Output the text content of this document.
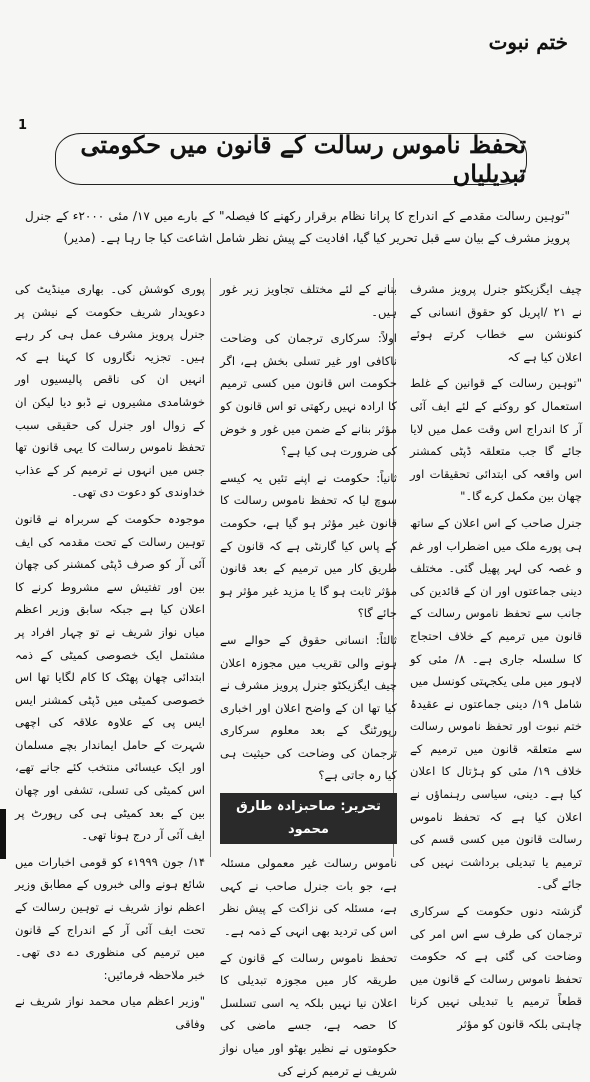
ختم نبوت
1
تحفظ ناموس رسالت کے قانون میں حکومتی تبدیلیاں
"توہین رسالت مقدمے کے اندراج کا پرانا نظام برقرار رکھنے کا فیصلہ" کے بارے میں ۱۷/ مئی ۲۰۰۰ء کے جنرل پرویز مشرف کے بیان سے قبل تحریر کیا گیا، افادیت کے پیش نظر شامل اشاعت کیا جا رہا ہے۔ (مدیر)

چیف ایگزیکٹو جنرل پرویز مشرف نے ۲۱ /اپریل کو حقوق انسانی کے کنونشن سے خطاب کرتے ہوئے اعلان کیا ہے کہ

"توہین رسالت کے قوانین کے غلط استعمال کو روکنے کے لئے ایف آئی آر کا اندراج اس وقت عمل میں لایا جائے گا جب متعلقہ ڈپٹی کمشنر اس واقعہ کی ابتدائی تحقیقات اور چھان بین مکمل کرے گا۔"

جنرل صاحب کے اس اعلان کے ساتھ ہی پورے ملک میں اضطراب اور غم و غصہ کی لہر پھیل گئی۔ مختلف دینی جماعتوں اور ان کے قائدین کی جانب سے تحفظ ناموس رسالت کے قانون میں ترمیم کے خلاف احتجاج کا سلسلہ جاری ہے۔ ۸/ مئی کو لاہور میں ملی یکجہتی کونسل میں شامل ۱۹/ دینی جماعتوں نے عقیدۂ ختم نبوت اور تحفظ ناموس رسالت سے متعلقہ قانون میں ترمیم کے خلاف ۱۹/ مئی کو ہڑتال کا اعلان کیا ہے۔ دینی، سیاسی رہنماؤں نے اعلان کیا ہے کہ تحفظ ناموس رسالت قانون میں کسی قسم کی ترمیم یا تبدیلی برداشت نہیں کی جائے گی۔

گزشتہ دنوں حکومت کے سرکاری ترجمان کی طرف سے اس امر کی وضاحت کی گئی ہے کہ حکومت تحفظ ناموس رسالت کے قانون میں قطعاً ترمیم یا تبدیلی نہیں کرنا چاہتی بلکہ قانون کو مؤثر

بنانے کے لئے مختلف تجاویز زیر غور ہیں۔

اولاً: سرکاری ترجمان کی وضاحت ناکافی اور غیر تسلی بخش ہے، اگر حکومت اس قانون میں کسی ترمیم کا ارادہ نہیں رکھتی تو اس قانون کو مؤثر بنانے کے ضمن میں غور و خوض کی ضرورت ہی کیا ہے؟

ثانیاً: حکومت نے اپنے تئیں یہ کیسے سوچ لیا کہ تحفظ ناموس رسالت کا قانون غیر مؤثر ہو گیا ہے، حکومت کے پاس کیا گارنٹی ہے کہ قانون کے طریق کار میں ترمیم کے بعد قانون مؤثر ثابت ہو گا یا مزید غیر مؤثر ہو جائے گا؟

ثالثاً: انسانی حقوق کے حوالے سے ہونے والی تقریب میں مجوزہ اعلان چیف ایگزیکٹو جنرل پرویز مشرف نے کیا تھا ان کے واضح اعلان اور اخباری رپورٹنگ کے بعد معلوم سرکاری ترجمان کی وضاحت کی حیثیت ہی کیا رہ جاتی ہے؟

تحریر: صاحبزادہ طارق محمود

ناموس رسالت غیر معمولی مسئلہ ہے، جو بات جنرل صاحب نے کہی ہے، مسئلہ کی نزاکت کے پیش نظر اس کی تردید بھی انہی کے ذمہ ہے۔

تحفظ ناموس رسالت کے قانون کے طریقہ کار میں مجوزہ تبدیلی کا اعلان نیا نہیں بلکہ یہ اسی تسلسل کا حصہ ہے، جسے ماضی کی حکومتوں نے نظیر بھٹو اور میاں نواز شریف نے ترمیم کرنے کی

پوری کوشش کی۔ بھاری مینڈیٹ کی دعویدار شریف حکومت کے نیشن پر جنرل پرویز مشرف عمل ہی کر رہے ہیں۔ تجزیہ نگاروں کا کہنا ہے کہ انہیں ان کی ناقص پالیسیوں اور خوشامدی مشیروں نے ڈبو دیا لیکن ان کے زوال اور جنرل کی حقیقی سبب تحفظ ناموس رسالت کا یہی قانون تھا جس میں انہوں نے ترمیم کر کے عذاب خداوندی کو دعوت دی تھی۔

موجودہ حکومت کے سربراہ نے قانون توہین رسالت کے تحت مقدمہ کی ایف آئی آر کو صرف ڈپٹی کمشنر کی چھان بین اور تفتیش سے مشروط کرنے کا اعلان کیا ہے جبکہ سابق وزیر اعظم میاں نواز شریف نے تو چہار افراد پر مشتمل ایک خصوصی کمیٹی کے ذمہ ابتدائی چھان پھٹک کا کام لگایا تھا اس خصوصی کمیٹی میں ڈپٹی کمشنر ایس ایس پی کے علاوہ علاقہ کی اچھی شہرت کے حامل ایماندار بچے مسلمان اور ایک عیسائی منتخب کئے جانے تھے، اس کمیٹی کی تسلی، تشفی اور چھان بین کے بعد کمیٹی ہی کی رپورٹ پر ایف آئی آر درج ہونا تھی۔

۱۴/ جون ۱۹۹۹ء کو قومی اخبارات میں شائع ہونے والی خبروں کے مطابق وزیر اعظم نواز شریف نے توہین رسالت کے تحت ایف آئی آر کے اندراج کے قانون میں ترمیم کی منظوری دے دی تھی۔ خبر ملاحظہ فرمائیں:

"وزیر اعظم میاں محمد نواز شریف نے وفاقی
